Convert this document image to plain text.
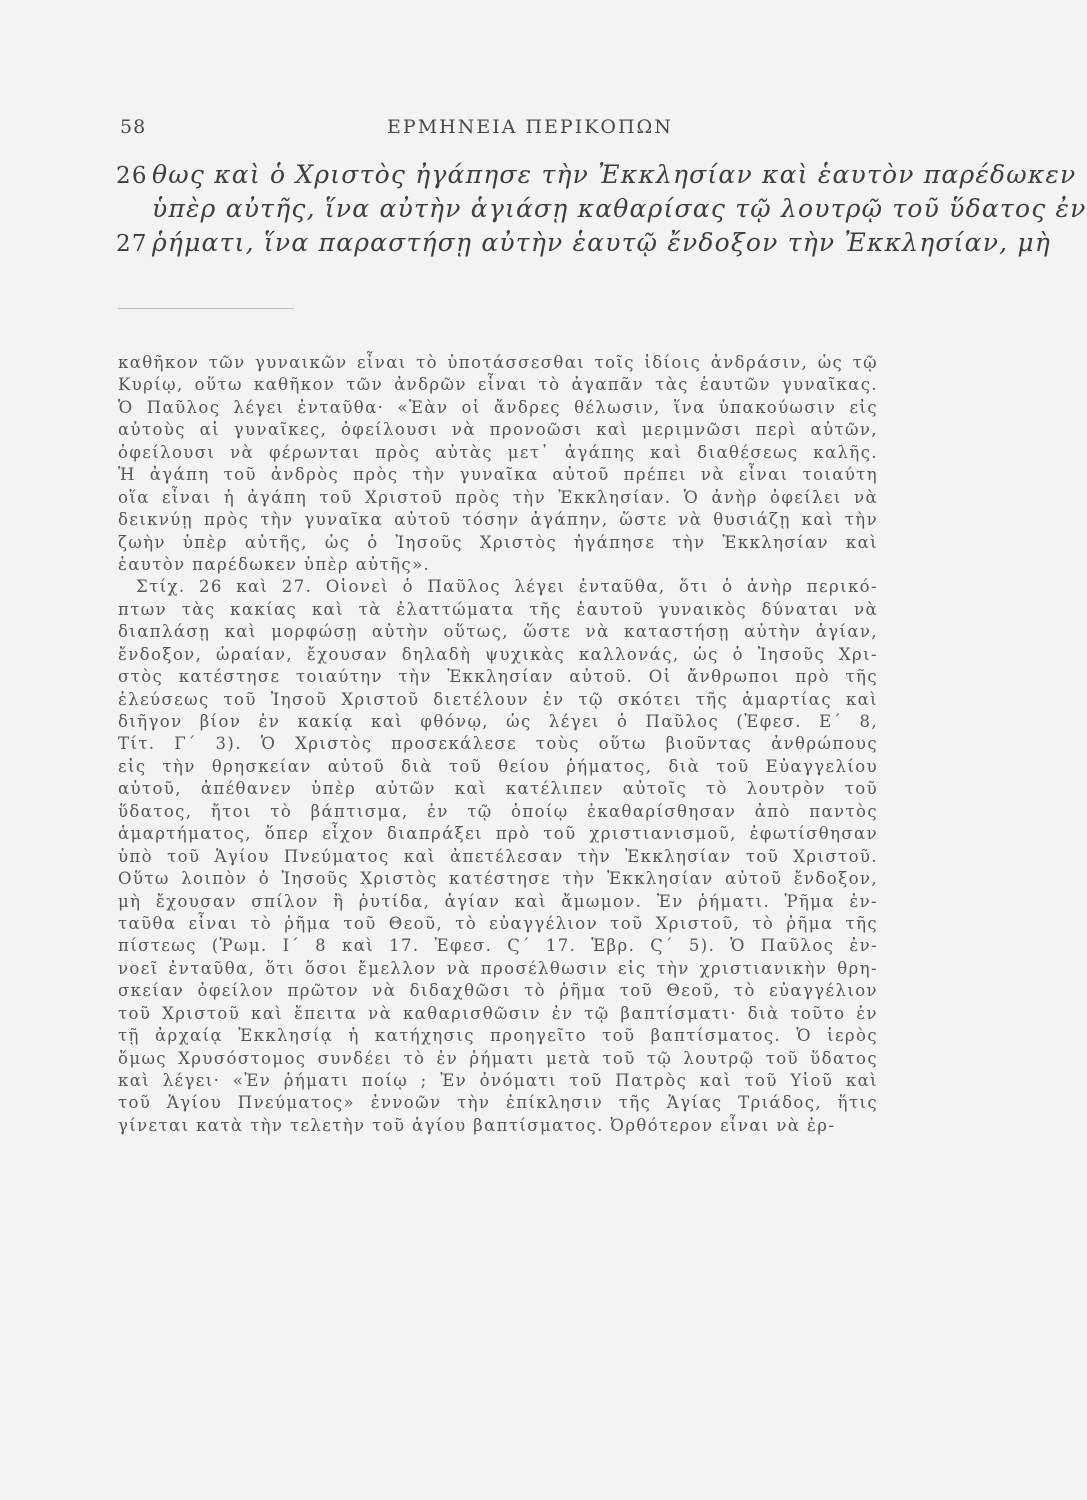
58	ΕΡΜΗΝΕΙΑ ΠΕΡΙΚΟΠΩΝ
26 θως καὶ ὁ Χριστὸς ἠγάπησε τὴν Ἐκκλησίαν καὶ ἑαυτὸν παρέδωκεν
ὑπὲρ αὐτῆς, ἵνα αὐτὴν ἁγιάσῃ καθαρίσας τῷ λουτρῷ τοῦ ὕδατος ἐν
27 ῥήματι, ἵνα παραστήσῃ αὐτὴν ἑαυτῷ ἔνδοξον τὴν Ἐκκλησίαν, μὴ
καθῆκον τῶν γυναικῶν εἶναι τὸ ὑποτάσσεσθαι τοῖς ἰδίοις ἀνδράσιν, ὡς τῷ
Κυρίῳ, οὕτω καθῆκον τῶν ἀνδρῶν εἶναι τὸ ἀγαπᾶν τὰς ἑαυτῶν γυναῖκας.
Ὁ Παῦλος λέγει ἐνταῦθα· «Ἐὰν οἱ ἄνδρες θέλωσιν, ἵνα ὑπακούωσιν εἰς
αὐτοὺς αἱ γυναῖκες, ὀφείλουσι νὰ προνοῶσι καὶ μεριμνῶσι περὶ αὐτῶν,
ὀφείλουσι νὰ φέρωνται πρὸς αὐτὰς μετ᾽ ἀγάπης καὶ διαθέσεως καλῆς.
Ἡ ἀγάπη τοῦ ἀνδρὸς πρὸς τὴν γυναῖκα αὐτοῦ πρέπει νὰ εἶναι τοιαύτη
οἵα εἶναι ἡ ἀγάπη τοῦ Χριστοῦ πρὸς τὴν Ἐκκλησίαν. Ὁ ἀνὴρ ὀφείλει νὰ
δεικνύῃ πρὸς τὴν γυναῖκα αὐτοῦ τόσην ἀγάπην, ὥστε νὰ θυσιάζῃ καὶ τὴν
ζωὴν ὑπὲρ αὐτῆς, ὡς ὁ Ἰησοῦς Χριστὸς ἠγάπησε τὴν Ἐκκλησίαν καὶ
ἑαυτὸν παρέδωκεν ὑπὲρ αὐτῆς».
Στίχ. 26 καὶ 27. Οἱονεὶ ὁ Παῦλος λέγει ἐνταῦθα, ὅτι ὁ ἀνὴρ περικό-
πτων τὰς κακίας καὶ τὰ ἐλαττώματα τῆς ἑαυτοῦ γυναικὸς δύναται νὰ
διαπλάσῃ καὶ μορφώσῃ αὐτὴν οὕτως, ὥστε νὰ καταστήσῃ αὐτὴν ἁγίαν,
ἔνδοξον, ὡραίαν, ἔχουσαν δηλαδὴ ψυχικὰς καλλονάς, ὡς ὁ Ἰησοῦς Χρι-
στὸς κατέστησε τοιαύτην τὴν Ἐκκλησίαν αὐτοῦ. Οἱ ἄνθρωποι πρὸ τῆς
ἐλεύσεως τοῦ Ἰησοῦ Χριστοῦ διετέλουν ἐν τῷ σκότει τῆς ἁμαρτίας καὶ
διῆγον βίον ἐν κακίᾳ καὶ φθόνῳ, ὡς λέγει ὁ Παῦλος (Ἐφεσ. Ε΄ 8,
Τίτ. Γ΄ 3). Ὁ Χριστὸς προσεκάλεσε τοὺς οὕτω βιοῦντας ἀνθρώπους
εἰς τὴν θρησκείαν αὐτοῦ διὰ τοῦ θείου ῥήματος, διὰ τοῦ Εὐαγγελίου
αὐτοῦ, ἀπέθανεν ὑπὲρ αὐτῶν καὶ κατέλιπεν αὐτοῖς τὸ λουτρὸν τοῦ
ὕδατος, ἤτοι τὸ βάπτισμα, ἐν τῷ ὁποίῳ ἐκαθαρίσθησαν ἀπὸ παντὸς
ἁμαρτήματος, ὅπερ εἶχον διαπράξει πρὸ τοῦ χριστιανισμοῦ, ἐφωτίσθησαν
ὑπὸ τοῦ Ἁγίου Πνεύματος καὶ ἀπετέλεσαν τὴν Ἐκκλησίαν τοῦ Χριστοῦ.
Οὕτω λοιπὸν ὁ Ἰησοῦς Χριστὸς κατέστησε τὴν Ἐκκλησίαν αὐτοῦ ἔνδοξον,
μὴ ἔχουσαν σπίλον ἢ ῥυτίδα, ἁγίαν καὶ ἄμωμον. Ἐν ῥήματι. Ῥῆμα ἐν-
ταῦθα εἶναι τὸ ῥῆμα τοῦ Θεοῦ, τὸ εὐαγγέλιον τοῦ Χριστοῦ, τὸ ῥῆμα τῆς
πίστεως (Ῥωμ. Ι΄ 8 καὶ 17. Ἐφεσ. Ϛ΄ 17. Ἑβρ. Ϛ΄ 5). Ὁ Παῦλος ἐν-
νοεῖ ἐνταῦθα, ὅτι ὅσοι ἔμελλον νὰ προσέλθωσιν εἰς τὴν χριστιανικὴν θρη-
σκείαν ὀφείλον πρῶτον νὰ διδαχθῶσι τὸ ῥῆμα τοῦ Θεοῦ, τὸ εὐαγγέλιον
τοῦ Χριστοῦ καὶ ἔπειτα νὰ καθαρισθῶσιν ἐν τῷ βαπτίσματι· διὰ τοῦτο ἐν
τῇ ἀρχαίᾳ Ἐκκλησίᾳ ἡ κατήχησις προηγεῖτο τοῦ βαπτίσματος. Ὁ ἱερὸς
ὅμως Χρυσόστομος συνδέει τὸ ἐν ῥήματι μετὰ τοῦ τῷ λουτρῷ τοῦ ὕδατος
καὶ λέγει· «Ἐν ῥήματι ποίῳ ; Ἐν ὀνόματι τοῦ Πατρὸς καὶ τοῦ Υἱοῦ καὶ
τοῦ Ἁγίου Πνεύματος» ἐννοῶν τὴν ἐπίκλησιν τῆς Ἁγίας Τριάδος, ἥτις
γίνεται κατὰ τὴν τελετὴν τοῦ ἁγίου βαπτίσματος. Ὀρθότερον εἶναι νὰ ἐρ-
